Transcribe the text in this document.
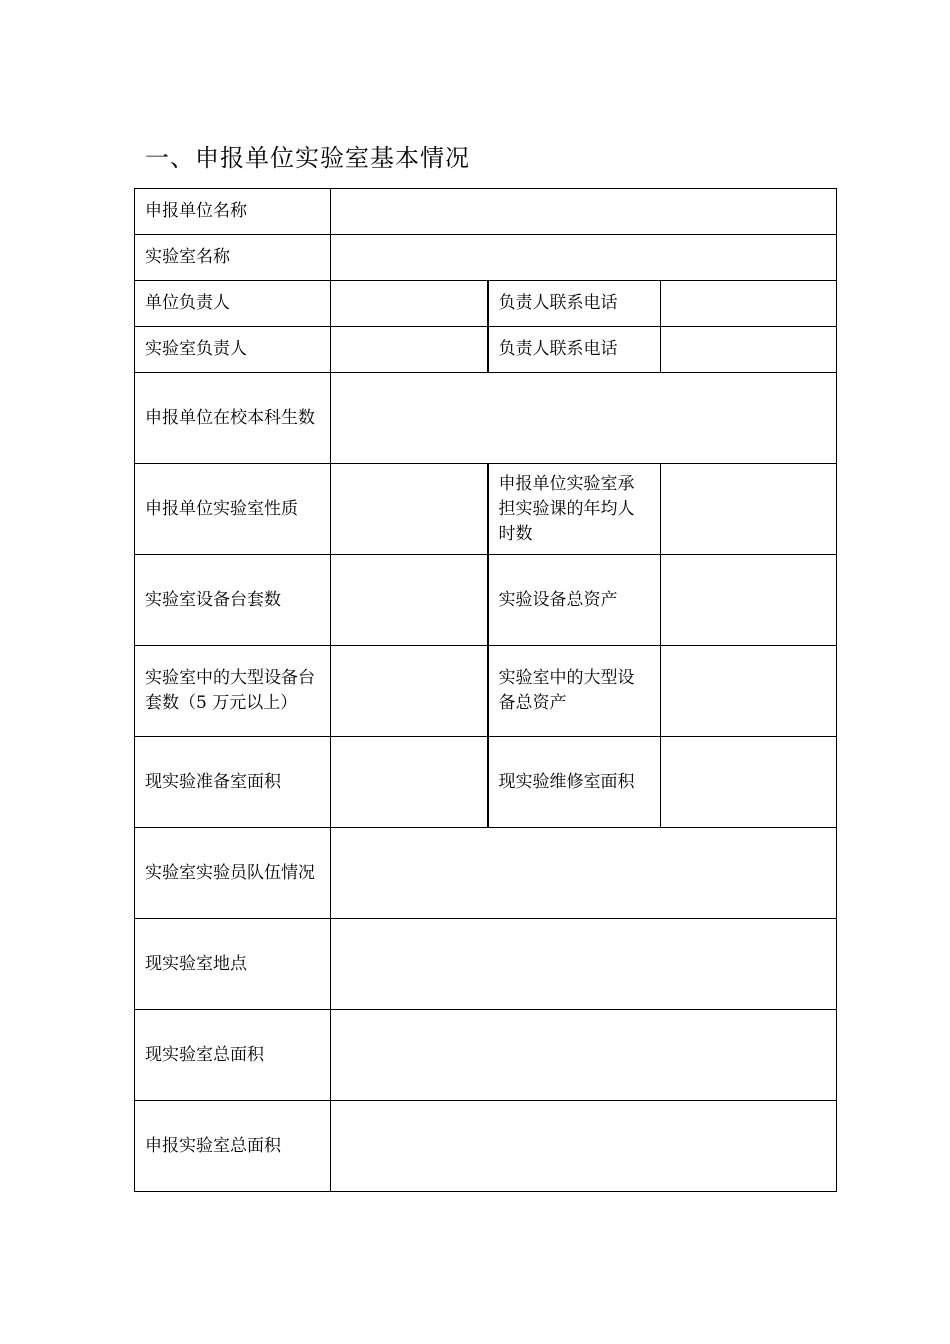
一、申报单位实验室基本情况
申报单位名称			
实验室名称			
单位负责人		负责人联系电话	
实验室负责人		负责人联系电话	
申报单位在校本科生数			
申报单位实验室性质		申报单位实验室承担实验课的年均人时数	
实验室设备台套数		实验设备总资产	
实验室中的大型设备台套数（5 万元以上）		实验室中的大型设备总资产	
现实验准备室面积		现实验维修室面积	
实验室实验员队伍情况			
现实验室地点			
现实验室总面积			
申报实验室总面积			
